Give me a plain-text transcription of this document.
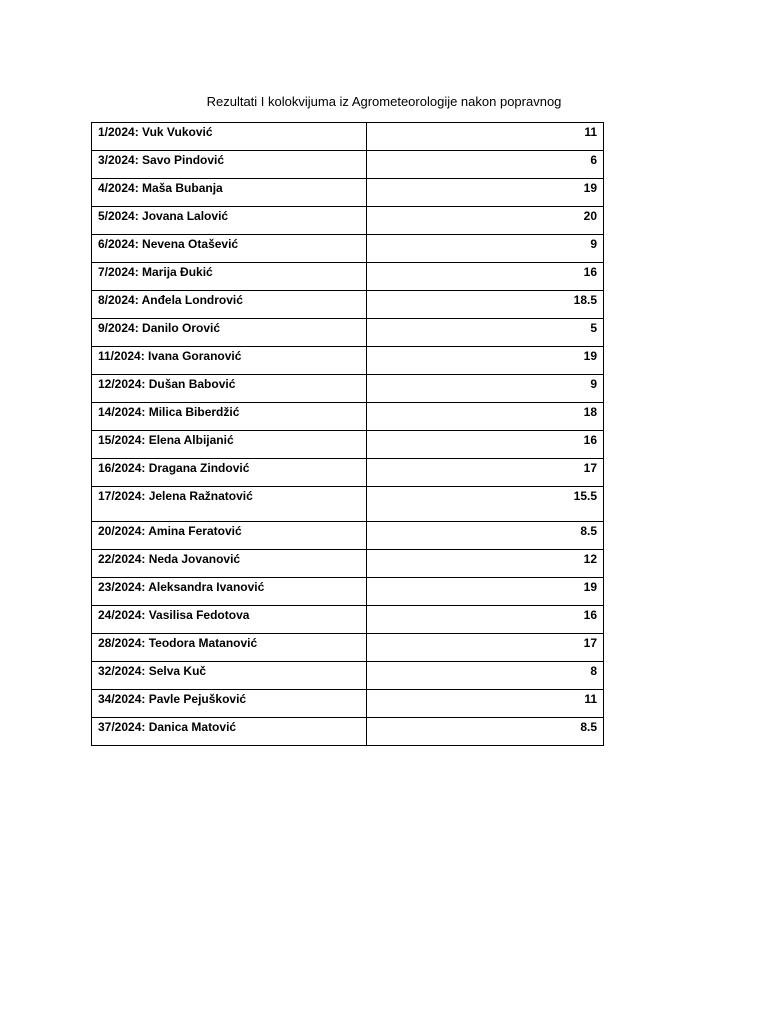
Rezultati I kolokvijuma iz Agrometeorologije nakon popravnog
1/2024: Vuk Vuković	11
3/2024: Savo Pindović	6
4/2024: Maša Bubanja	19
5/2024: Jovana Lalović	20
6/2024: Nevena Otašević	9
7/2024: Marija Đukić	16
8/2024: Anđela Londrović	18.5
9/2024: Danilo Orović	5
11/2024: Ivana Goranović	19
12/2024: Dušan Babović	9
14/2024: Milica Biberdžić	18
15/2024: Elena Albijanić	16
16/2024: Dragana Zindović	17
17/2024: Jelena Ražnatović	15.5
20/2024: Amina Feratović	8.5
22/2024: Neda Jovanović	12
23/2024: Aleksandra Ivanović	19
24/2024: Vasilisa Fedotova	16
28/2024: Teodora Matanović	17
32/2024: Selva Kuč	8
34/2024: Pavle Pejušković	11
37/2024: Danica Matović	8.5
